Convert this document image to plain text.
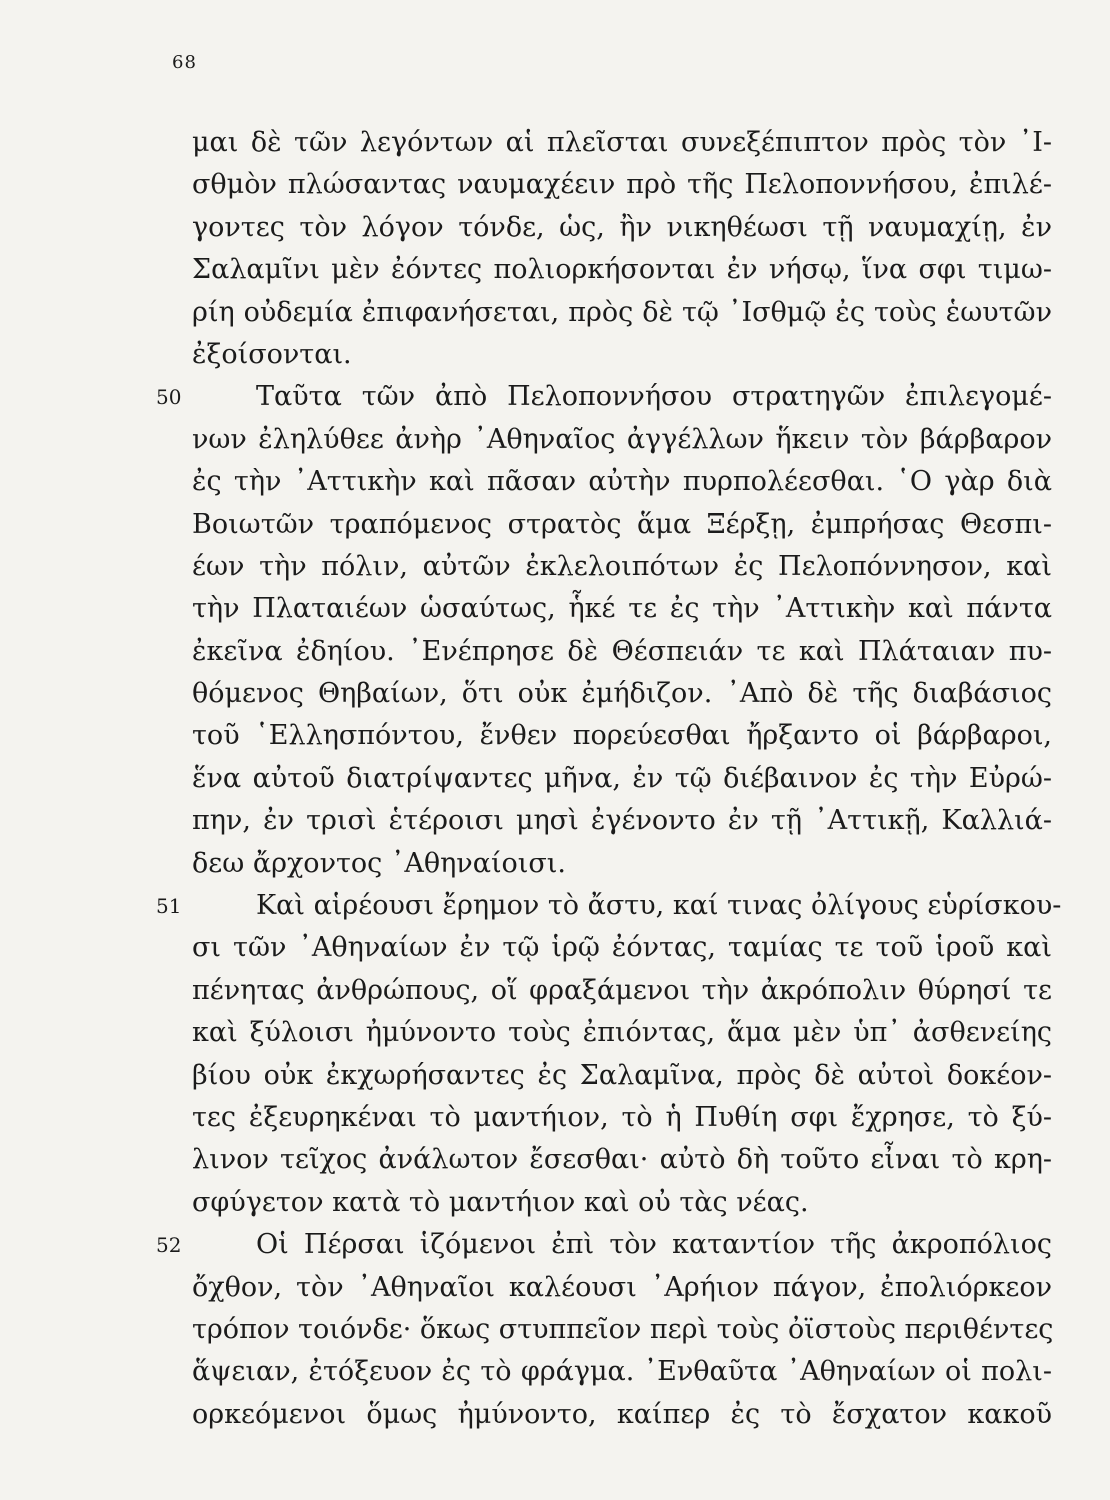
68
μαι δὲ τῶν λεγόντων αἱ πλεῖσται συνεξέπιπτον πρὸς τὸν ᾿Ι-
σθμὸν πλώσαντας ναυμαχέειν πρὸ τῆς Πελοποννήσου, ἐπιλέ-
γοντες τὸν λόγον τόνδε, ὡς, ἢν νικηθέωσι τῇ ναυμαχίῃ, ἐν
Σαλαμῖνι μὲν ἐόντες πολιορκήσονται ἐν νήσῳ, ἵνα σφι τιμω-
ρίη οὐδεμία ἐπιφανήσεται, πρὸς δὲ τῷ ᾿Ισθμῷ ἐς τοὺς ἑωυτῶν
ἐξοίσονται.
50	Ταῦτα τῶν ἀπὸ Πελοποννήσου στρατηγῶν ἐπιλεγομέ-
νων ἐληλύθεε ἀνὴρ ᾿Αθηναῖος ἀγγέλλων ἥκειν τὸν βάρβαρον
ἐς τὴν ᾿Αττικὴν καὶ πᾶσαν αὐτὴν πυρπολέεσθαι. ῾Ο γὰρ διὰ
Βοιωτῶν τραπόμενος στρατὸς ἅμα Ξέρξῃ, ἐμπρήσας Θεσπι-
έων τὴν πόλιν, αὐτῶν ἐκλελοιπότων ἐς Πελοπόννησον, καὶ
τὴν Πλαταιέων ὡσαύτως, ἧκέ τε ἐς τὴν ᾿Αττικὴν καὶ πάντα
ἐκεῖνα ἐδηίου. ᾿Ενέπρησε δὲ Θέσπειάν τε καὶ Πλάταιαν πυ-
θόμενος Θηβαίων, ὅτι οὐκ ἐμήδιζον. ᾿Απὸ δὲ τῆς διαβάσιος
τοῦ ῾Ελλησπόντου, ἔνθεν πορεύεσθαι ἤρξαντο οἱ βάρβαροι,
ἕνα αὐτοῦ διατρίψαντες μῆνα, ἐν τῷ διέβαινον ἐς τὴν Εὐρώ-
πην, ἐν τρισὶ ἑτέροισι μησὶ ἐγένοντο ἐν τῇ ᾿Αττικῇ, Καλλιά-
δεω ἄρχοντος ᾿Αθηναίοισι.
51	Καὶ αἱρέουσι ἔρημον τὸ ἄστυ, καί τινας ὀλίγους εὑρίσκου-
σι τῶν ᾿Αθηναίων ἐν τῷ ἱρῷ ἐόντας, ταμίας τε τοῦ ἱροῦ καὶ
πένητας ἀνθρώπους, οἵ φραξάμενοι τὴν ἀκρόπολιν θύρησί τε
καὶ ξύλοισι ἠμύνοντο τοὺς ἐπιόντας, ἅμα μὲν ὑπ᾿ ἀσθενείης
βίου οὐκ ἐκχωρήσαντες ἐς Σαλαμῖνα, πρὸς δὲ αὐτοὶ δοκέον-
τες ἐξευρηκέναι τὸ μαντήιον, τὸ ἡ Πυθίη σφι ἔχρησε, τὸ ξύ-
λινον τεῖχος ἀνάλωτον ἔσεσθαι· αὐτὸ δὴ τοῦτο εἶναι τὸ κρη-
σφύγετον κατὰ τὸ μαντήιον καὶ οὐ τὰς νέας.
52	Οἱ Πέρσαι ἱζόμενοι ἐπὶ τὸν καταντίον τῆς ἀκροπόλιος
ὄχθον, τὸν ᾿Αθηναῖοι καλέουσι ᾿Αρήιον πάγον, ἐπολιόρκεον
τρόπον τοιόνδε· ὅκως στυππεῖον περὶ τοὺς ὀϊστοὺς περιθέντες
ἅψειαν, ἐτόξευον ἐς τὸ φράγμα. ᾿Ενθαῦτα ᾿Αθηναίων οἱ πολι-
ορκεόμενοι ὅμως ἠμύνοντο, καίπερ ἐς τὸ ἔσχατον κακοῦ
